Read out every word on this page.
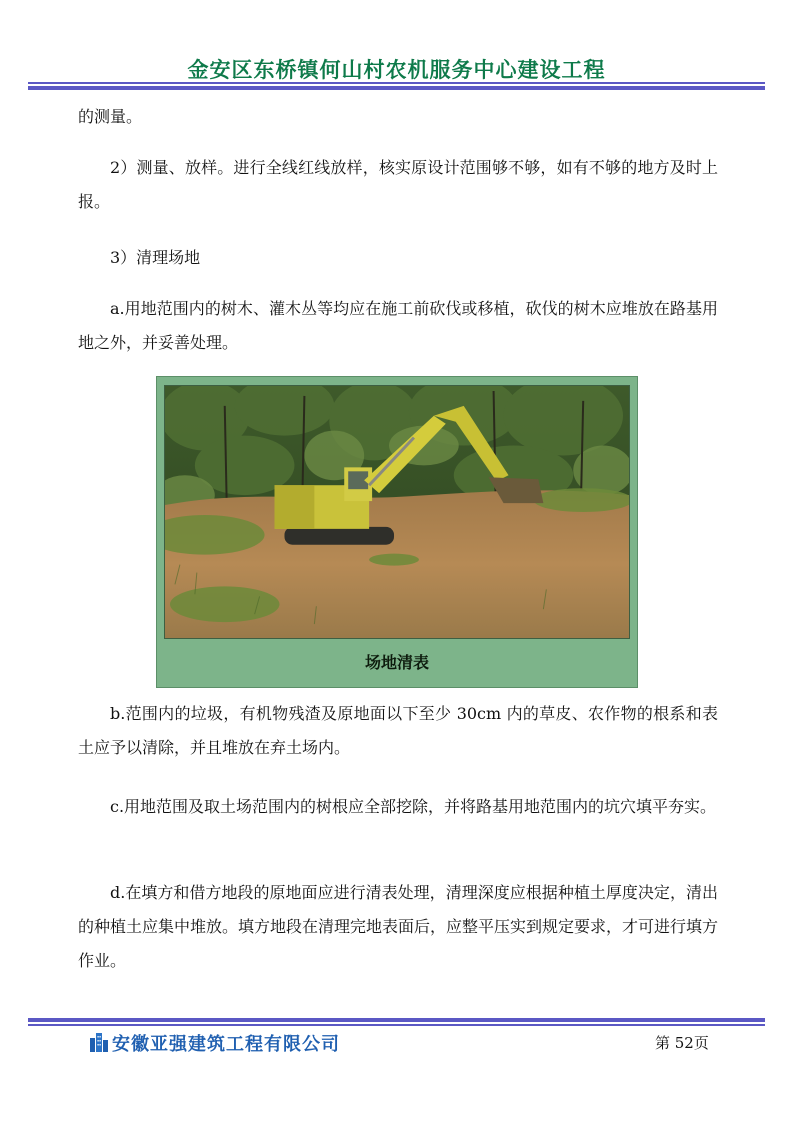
金安区东桥镇何山村农机服务中心建设工程

的测量。

2）测量、放样。进行全线红线放样，核实原设计范围够不够，如有不够的地方及时上报。

3）清理场地

a.用地范围内的树木、灌木丛等均应在施工前砍伐或移植，砍伐的树木应堆放在路基用地之外，并妥善处理。

场地清表

b.范围内的垃圾，有机物残渣及原地面以下至少 30cm 内的草皮、农作物的根系和表土应予以清除，并且堆放在弃土场内。

c.用地范围及取土场范围内的树根应全部挖除，并将路基用地范围内的坑穴填平夯实。

d.在填方和借方地段的原地面应进行清表处理，清理深度应根据种植土厚度决定，清出的种植土应集中堆放。填方地段在清理完地表面后，应整平压实到规定要求，才可进行填方作业。

安徽亚强建筑工程有限公司	第 52页
